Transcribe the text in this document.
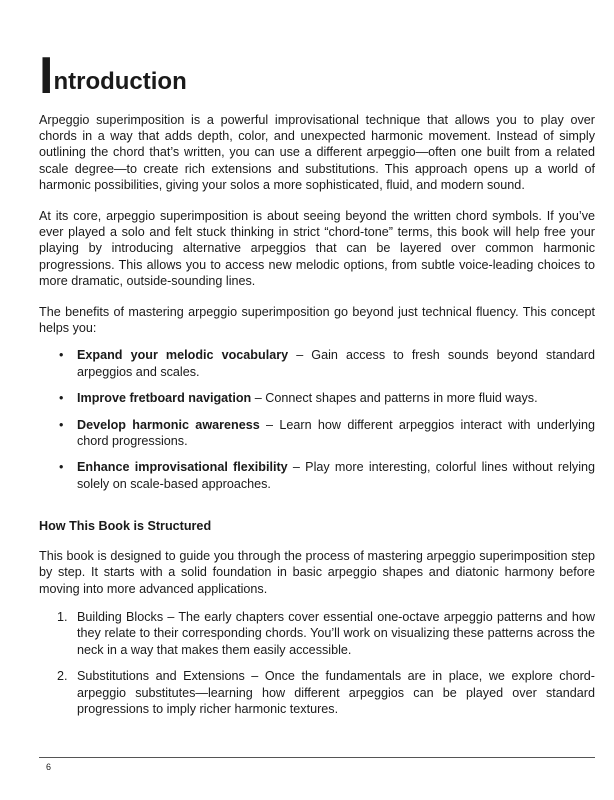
I ntroduction

Arpeggio superimposition is a powerful improvisational technique that allows you to play over chords in a way that adds depth, color, and unexpected harmonic movement. Instead of simply outlining the chord that’s written, you can use a different arpeggio—often one built from a related scale degree—to create rich extensions and substitutions. This approach opens up a world of harmonic possibilities, giving your solos a more sophisticated, fluid, and modern sound.

At its core, arpeggio superimposition is about seeing beyond the written chord symbols. If you’ve ever played a solo and felt stuck thinking in strict “chord-tone” terms, this book will help free your playing by introducing alternative arpeggios that can be layered over common harmonic progressions. This allows you to access new melodic options, from subtle voice-leading choices to more dramatic, outside-sounding lines.

The benefits of mastering arpeggio superimposition go beyond just technical fluency. This concept helps you:

• Expand your melodic vocabulary – Gain access to fresh sounds beyond standard arpeggios and scales.
• Improve fretboard navigation – Connect shapes and patterns in more fluid ways.
• Develop harmonic awareness – Learn how different arpeggios interact with underlying chord progressions.
• Enhance improvisational flexibility – Play more interesting, colorful lines without relying solely on scale-based approaches.
How This Book is Structured

This book is designed to guide you through the process of mastering arpeggio superimposition step by step. It starts with a solid foundation in basic arpeggio shapes and diatonic harmony before moving into more advanced applications.

1. Building Blocks – The early chapters cover essential one-octave arpeggio patterns and how they relate to their corresponding chords. You’ll work on visualizing these patterns across the neck in a way that makes them easily accessible.
2. Substitutions and Extensions – Once the fundamentals are in place, we explore chord-arpeggio substitutes—learning how different arpeggios can be played over standard progressions to imply richer harmonic textures.
6
